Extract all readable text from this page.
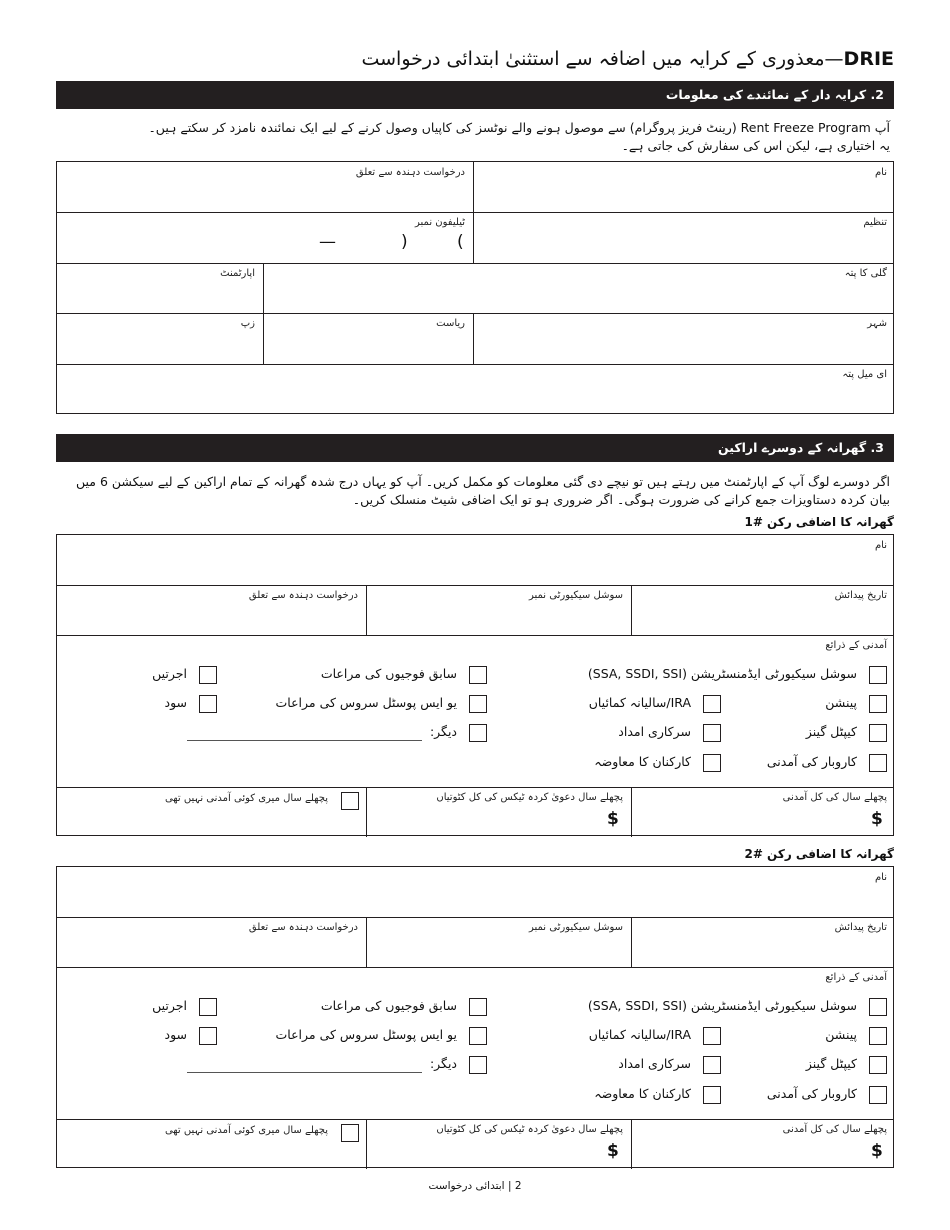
DRIE—معذوری کے کرایہ میں اضافہ سے استثنیٰ ابتدائی درخواست
2. کرایہ دار کے نمائندے کی معلومات
آپ Rent Freeze Program (رینٹ فریز پروگرام) سے موصول ہونے والے نوٹسز کی کاپیاں وصول کرنے کے لیے ایک نمائندہ نامزد کر سکتے ہیں۔
یہ اختیاری ہے، لیکن اس کی سفارش کی جاتی ہے۔
نام
درخواست دہندہ سے تعلق
تنظیم
ٹیلیفون نمبر
(
)
—
گلی کا پتہ
اپارٹمنٹ
شہر
ریاست
زپ
ای میل پتہ
3. گھرانہ کے دوسرے اراکین
اگر دوسرے لوگ آپ کے اپارٹمنٹ میں رہتے ہیں تو نیچے دی گئی معلومات کو مکمل کریں۔ آپ کو یہاں درج شدہ گھرانہ کے تمام اراکین کے لیے سیکشن 6 میں
بیان کردہ دستاویزات جمع کرانے کی ضرورت ہوگی۔ اگر ضروری ہو تو ایک اضافی شیٹ منسلک کریں۔
گھرانہ کا اضافی رکن #1
نام
تاریخ پیدائش
سوشل سیکیورٹی نمبر
درخواست دہندہ سے تعلق
آمدنی کے ذرائع
سوشل سیکیورٹی ایڈمنسٹریشن (SSA, SSDI, SSI)
پینشن
کیپٹل گینز
کاروبار کی آمدنی
IRA/سالیانہ کمائیاں
سرکاری امداد
کارکنان کا معاوضہ
سابق فوجیوں کی مراعات
یو ایس پوسٹل سروس کی مراعات
دیگر:
اجرتیں
سود
پچھلے سال کی کل آمدنی
$
پچھلے سال دعویٰ کردہ ٹیکس کی کل کٹوتیاں
$
پچھلے سال میری کوئی آمدنی نہیں تھی
گھرانہ کا اضافی رکن #2
نام
تاریخ پیدائش
سوشل سیکیورٹی نمبر
درخواست دہندہ سے تعلق
آمدنی کے ذرائع
سوشل سیکیورٹی ایڈمنسٹریشن (SSA, SSDI, SSI)
پینشن
کیپٹل گینز
کاروبار کی آمدنی
IRA/سالیانہ کمائیاں
سرکاری امداد
کارکنان کا معاوضہ
سابق فوجیوں کی مراعات
یو ایس پوسٹل سروس کی مراعات
دیگر:
اجرتیں
سود
پچھلے سال کی کل آمدنی
$
پچھلے سال دعویٰ کردہ ٹیکس کی کل کٹوتیاں
$
پچھلے سال میری کوئی آمدنی نہیں تھی
2 | ابتدائی درخواست
